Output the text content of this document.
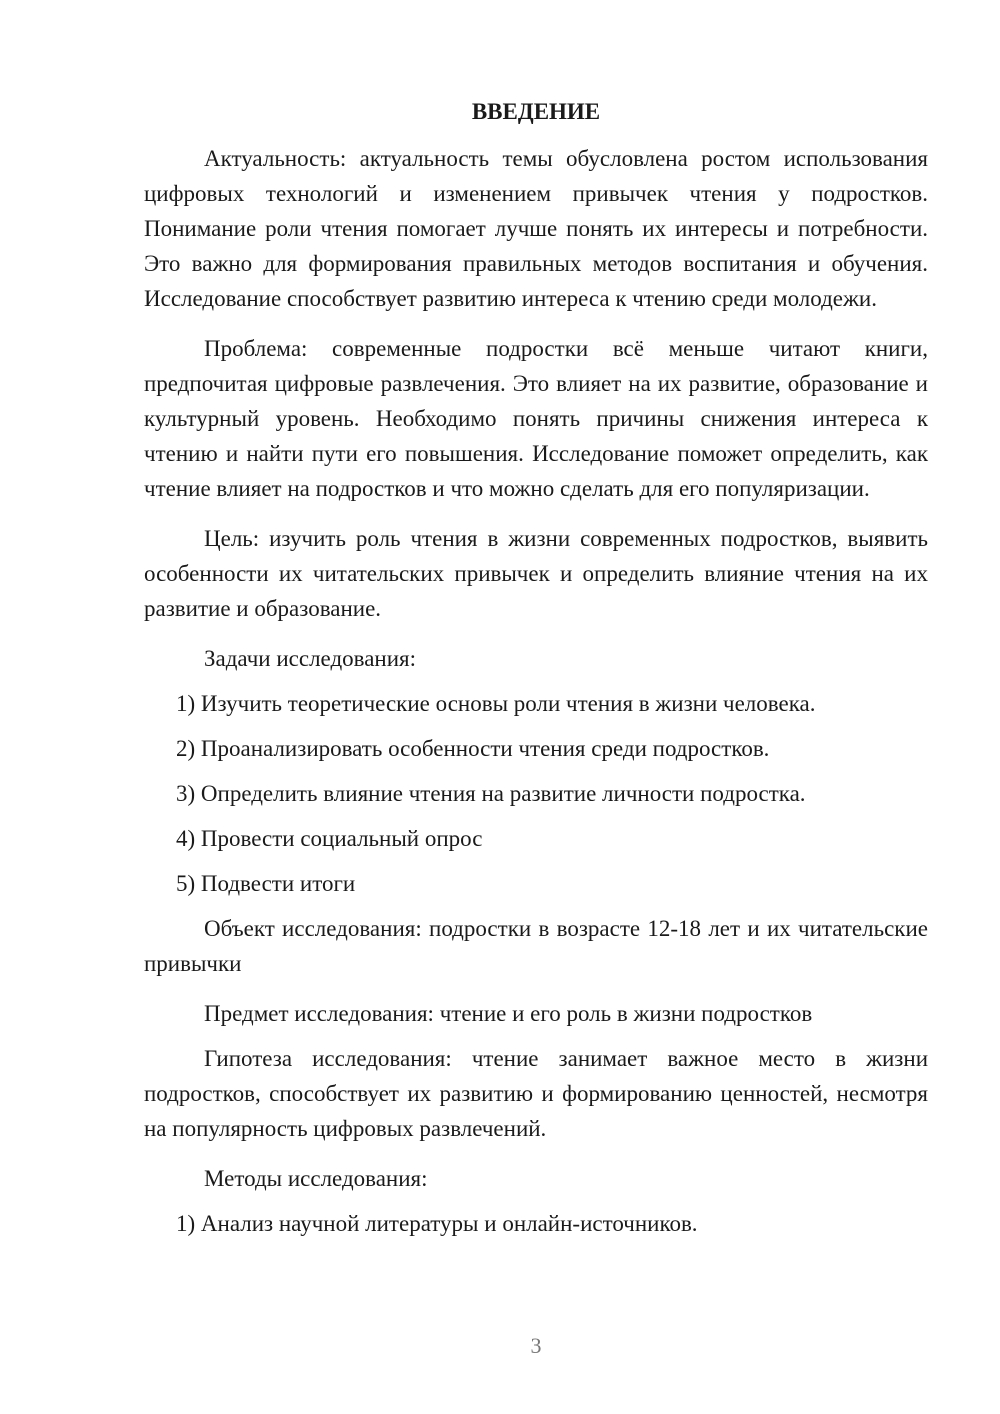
ВВЕДЕНИЕ

Актуальность: актуальность темы обусловлена ростом использования цифровых технологий и изменением привычек чтения у подростков. Понимание роли чтения помогает лучше понять их интересы и потребности. Это важно для формирования правильных методов воспитания и обучения. Исследование способствует развитию интереса к чтению среди молодежи.

Проблема: современные подростки всё меньше читают книги, предпочитая цифровые развлечения. Это влияет на их развитие, образование и культурный уровень. Необходимо понять причины снижения интереса к чтению и найти пути его повышения. Исследование поможет определить, как чтение влияет на подростков и что можно сделать для его популяризации.

Цель: изучить роль чтения в жизни современных подростков, выявить особенности их читательских привычек и определить влияние чтения на их развитие и образование.

Задачи исследования:

1) Изучить теоретические основы роли чтения в жизни человека.
2) Проанализировать особенности чтения среди подростков.
3) Определить влияние чтения на развитие личности подростка.
4) Провести социальный опрос
5) Подвести итоги

Объект исследования: подростки в возрасте 12-18 лет и их читательские привычки

Предмет исследования: чтение и его роль в жизни подростков

Гипотеза исследования: чтение занимает важное место в жизни подростков, способствует их развитию и формированию ценностей, несмотря на популярность цифровых развлечений.

Методы исследования:

1) Анализ научной литературы и онлайн-источников.
3
